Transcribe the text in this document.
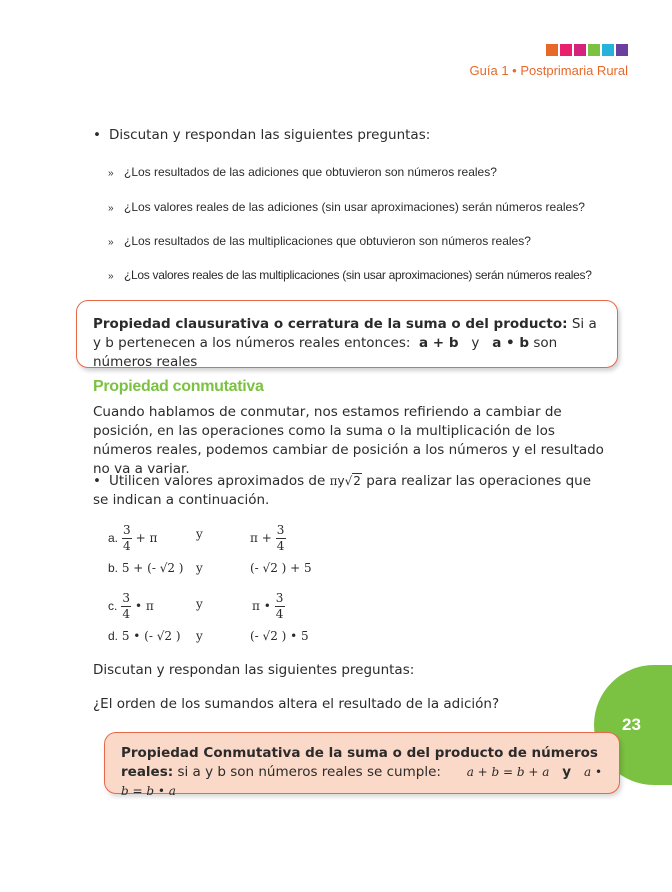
Guía 1 • Postprimaria Rural
• Discutan y respondan las siguientes preguntas:
» ¿Los resultados de las adiciones que obtuvieron son números reales?
» ¿Los valores reales de las adiciones (sin usar aproximaciones) serán números reales?
» ¿Los resultados de las multiplicaciones que obtuvieron son números reales?
» ¿Los valores reales de las multiplicaciones (sin usar aproximaciones) serán números reales?
Propiedad clausurativa o cerratura de la suma o del producto: Si a y b pertenecen a los números reales entonces: a + b y a • b son números reales
Propiedad conmutativa
Cuando hablamos de conmutar, nos estamos refiriendo a cambiar de posición, en las operaciones como la suma o la multiplicación de los números reales, podemos cambiar de posición a los números y el resultado no va a variar.
• Utilicen valores aproximados de πy√2 para realizar las operaciones que se indican a continuación.
a. $\frac{3}{4} + \pi$	y	$\pi + \frac{3}{4}$
b. 5 + (- √2 ) y	(- √2 ) + 5
c. $\frac{3}{4}$ • π	y	π • $\frac{3}{4}$
d. 5 • (- √2 ) y	(- √2 ) • 5
Discutan y respondan las siguientes preguntas:
¿El orden de los sumandos altera el resultado de la adición?
23
Propiedad Conmutativa de la suma o del producto de números reales: si a y b son números reales se cumple: a + b = b + a y a • b = b • a
